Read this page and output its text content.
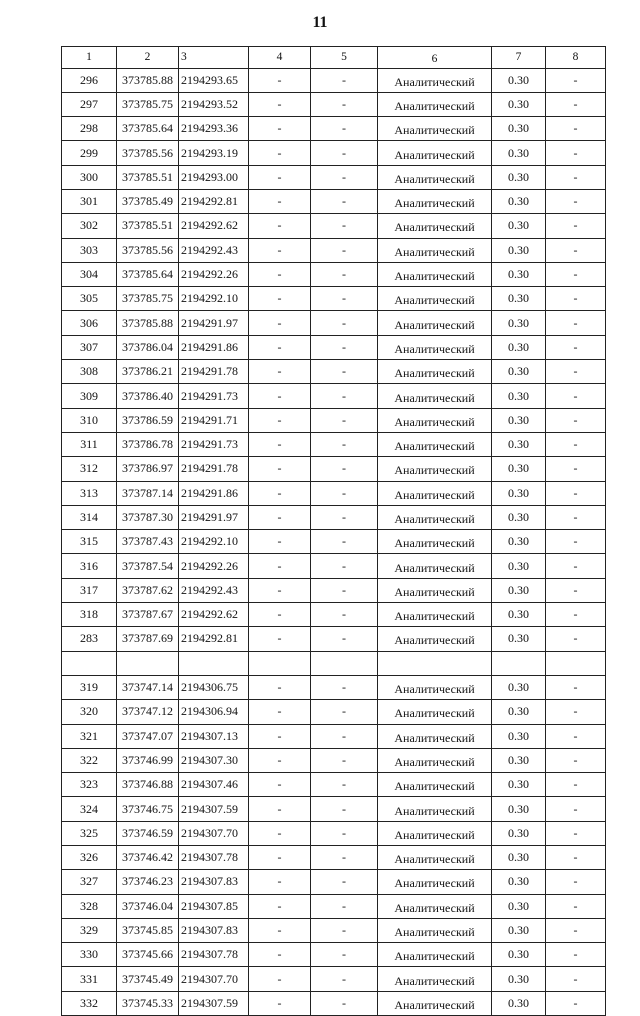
11
1	2	3	4	5	6	7	8
296	373785.88	2194293.65	-	-	Аналитический	0.30	-
297	373785.75	2194293.52	-	-	Аналитический	0.30	-
298	373785.64	2194293.36	-	-	Аналитический	0.30	-
299	373785.56	2194293.19	-	-	Аналитический	0.30	-
300	373785.51	2194293.00	-	-	Аналитический	0.30	-
301	373785.49	2194292.81	-	-	Аналитический	0.30	-
302	373785.51	2194292.62	-	-	Аналитический	0.30	-
303	373785.56	2194292.43	-	-	Аналитический	0.30	-
304	373785.64	2194292.26	-	-	Аналитический	0.30	-
305	373785.75	2194292.10	-	-	Аналитический	0.30	-
306	373785.88	2194291.97	-	-	Аналитический	0.30	-
307	373786.04	2194291.86	-	-	Аналитический	0.30	-
308	373786.21	2194291.78	-	-	Аналитический	0.30	-
309	373786.40	2194291.73	-	-	Аналитический	0.30	-
310	373786.59	2194291.71	-	-	Аналитический	0.30	-
311	373786.78	2194291.73	-	-	Аналитический	0.30	-
312	373786.97	2194291.78	-	-	Аналитический	0.30	-
313	373787.14	2194291.86	-	-	Аналитический	0.30	-
314	373787.30	2194291.97	-	-	Аналитический	0.30	-
315	373787.43	2194292.10	-	-	Аналитический	0.30	-
316	373787.54	2194292.26	-	-	Аналитический	0.30	-
317	373787.62	2194292.43	-	-	Аналитический	0.30	-
318	373787.67	2194292.62	-	-	Аналитический	0.30	-
283	373787.69	2194292.81	-	-	Аналитический	0.30	-

319	373747.14	2194306.75	-	-	Аналитический	0.30	-
320	373747.12	2194306.94	-	-	Аналитический	0.30	-
321	373747.07	2194307.13	-	-	Аналитический	0.30	-
322	373746.99	2194307.30	-	-	Аналитический	0.30	-
323	373746.88	2194307.46	-	-	Аналитический	0.30	-
324	373746.75	2194307.59	-	-	Аналитический	0.30	-
325	373746.59	2194307.70	-	-	Аналитический	0.30	-
326	373746.42	2194307.78	-	-	Аналитический	0.30	-
327	373746.23	2194307.83	-	-	Аналитический	0.30	-
328	373746.04	2194307.85	-	-	Аналитический	0.30	-
329	373745.85	2194307.83	-	-	Аналитический	0.30	-
330	373745.66	2194307.78	-	-	Аналитический	0.30	-
331	373745.49	2194307.70	-	-	Аналитический	0.30	-
332	373745.33	2194307.59	-	-	Аналитический	0.30	-
